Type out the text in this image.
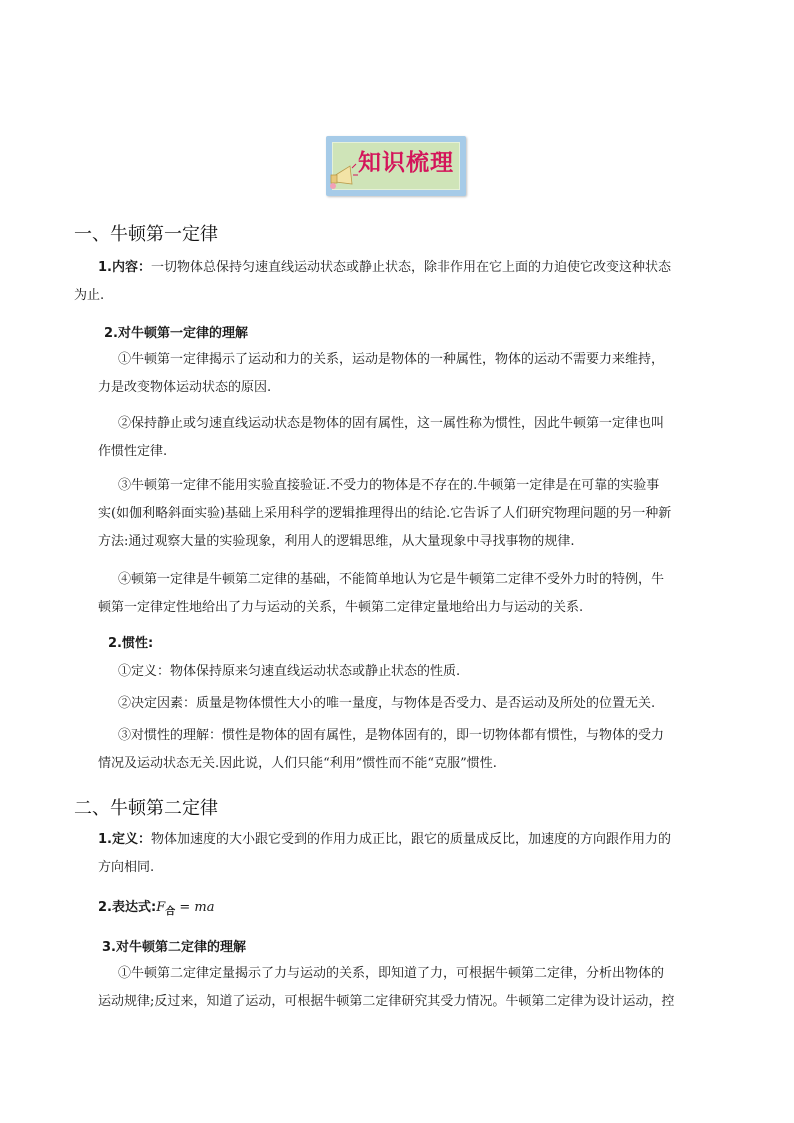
知识梳理
一、牛顿第一定律

1.内容：一切物体总保持匀速直线运动状态或静止状态，除非作用在它上面的力迫使它改变这种状态
为止.

2.对牛顿第一定律的理解

①牛顿第一定律揭示了运动和力的关系，运动是物体的一种属性，物体的运动不需要力来维持，
力是改变物体运动状态的原因.

②保持静止或匀速直线运动状态是物体的固有属性，这一属性称为惯性，因此牛顿第一定律也叫
作惯性定律.

③牛顿第一定律不能用实验直接验证.不受力的物体是不存在的.牛顿第一定律是在可靠的实验事
实(如伽利略斜面实验)基础上采用科学的逻辑推理得出的结论.它告诉了人们研究物理问题的另一种新
方法:通过观察大量的实验现象，利用人的逻辑思维，从大量现象中寻找事物的规律.

④顿第一定律是牛顿第二定律的基础，不能简单地认为它是牛顿第二定律不受外力时的特例，牛
顿第一定律定性地给出了力与运动的关系，牛顿第二定律定量地给出力与运动的关系.

2.惯性:

①定义：物体保持原来匀速直线运动状态或静止状态的性质.

②决定因素：质量是物体惯性大小的唯一量度，与物体是否受力、是否运动及所处的位置无关.

③对惯性的理解：惯性是物体的固有属性，是物体固有的，即一切物体都有惯性，与物体的受力
情况及运动状态无关.因此说，人们只能“利用”惯性而不能“克服”惯性.

二、牛顿第二定律

1.定义：物体加速度的大小跟它受到的作用力成正比，跟它的质量成反比，加速度的方向跟作用力的
方向相同.

2.表达式$:F_合$ = ma

3.对牛顿第二定律的理解

①牛顿第二定律定量揭示了力与运动的关系，即知道了力，可根据牛顿第二定律，分析出物体的
运动规律;反过来，知道了运动，可根据牛顿第二定律研究其受力情况。牛顿第二定律为设计运动，控
